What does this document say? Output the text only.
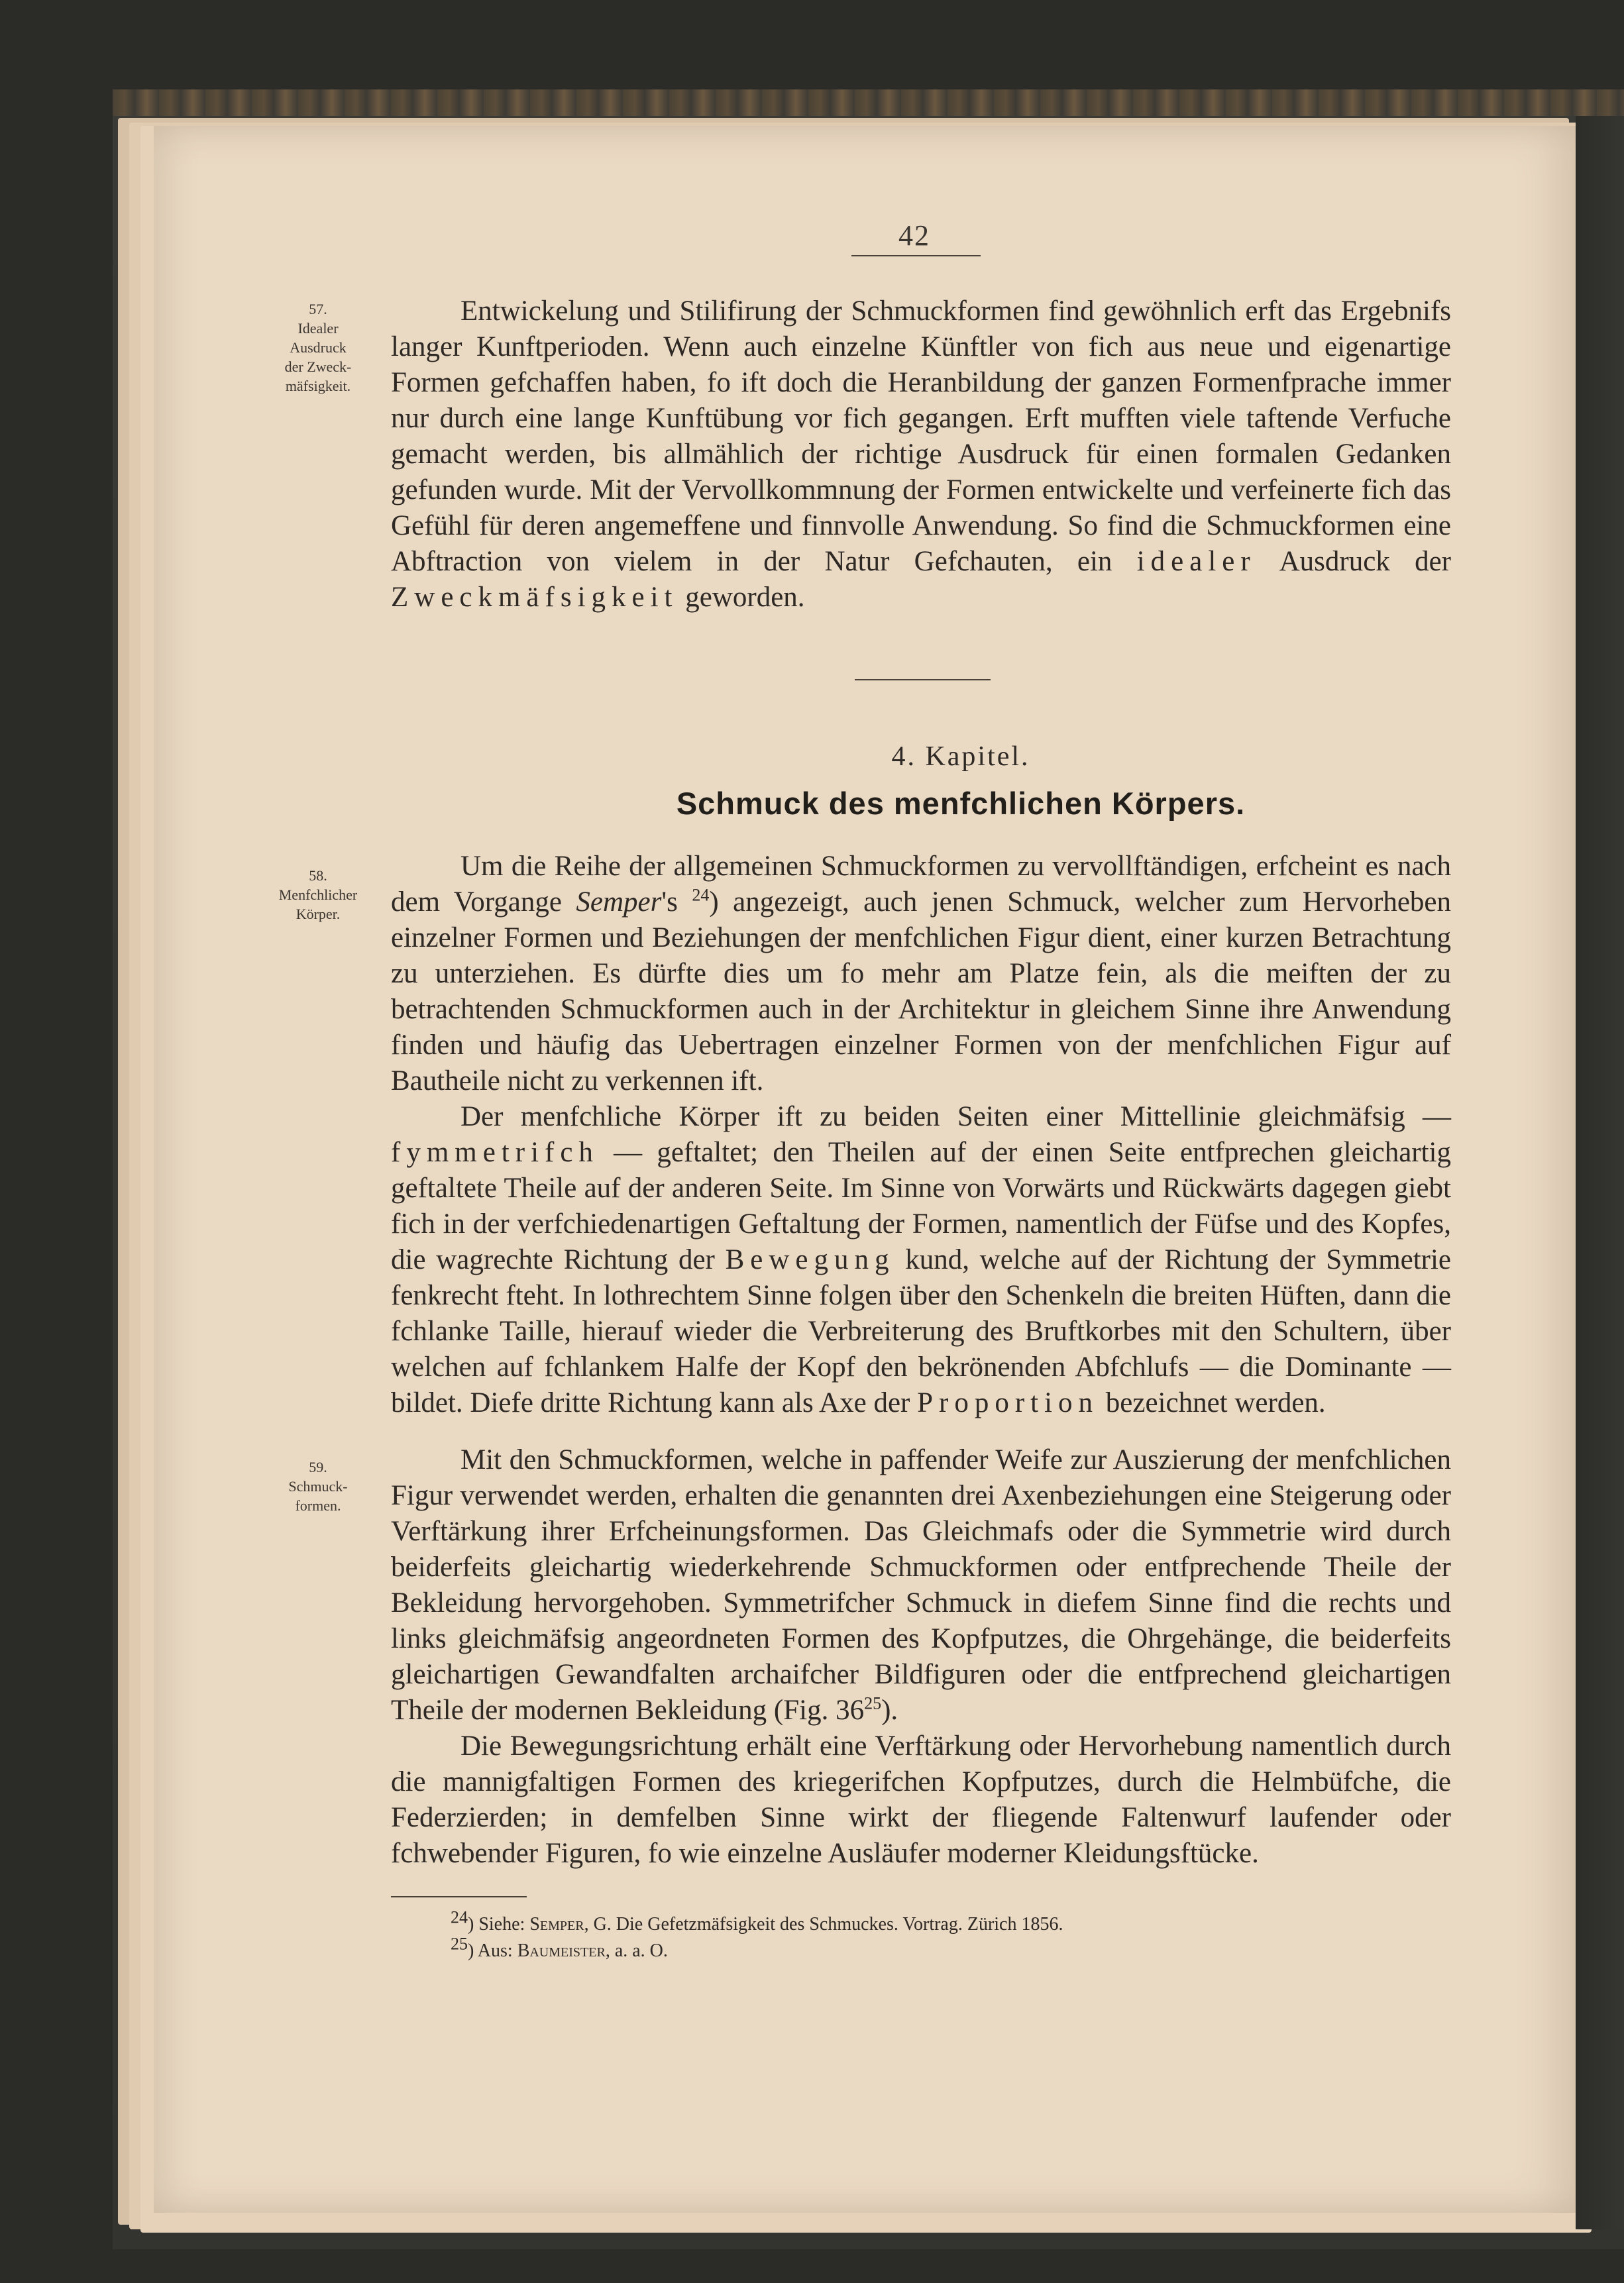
42
57.
Idealer
Ausdruck
der Zweck-
mäfsigkeit.

Entwickelung und Stilifirung der Schmuckformen find gewöhnlich erft das Ergebnifs langer Kunftperioden. Wenn auch einzelne Künftler von fich aus neue und eigenartige Formen gefchaffen haben, fo ift doch die Heranbildung der ganzen Formenfprache immer nur durch eine lange Kunftübung vor fich gegangen. Erft mufften viele taftende Verfuche gemacht werden, bis allmählich der richtige Ausdruck für einen formalen Gedanken gefunden wurde. Mit der Vervollkommnung der Formen entwickelte und verfeinerte fich das Gefühl für deren angemeffene und finnvolle Anwendung. So find die Schmuckformen eine Abftraction von vielem in der Natur Gefchauten, ein idealer Ausdruck der Zweckmäfsigkeit geworden.

4. Kapitel.
Schmuck des menfchlichen Körpers.
58.
Menfchlicher
Körper.

Um die Reihe der allgemeinen Schmuckformen zu vervollftändigen, erfcheint es nach dem Vorgange Semper's $^{24}$) angezeigt, auch jenen Schmuck, welcher zum Hervorheben einzelner Formen und Beziehungen der menfchlichen Figur dient, einer kurzen Betrachtung zu unterziehen. Es dürfte dies um fo mehr am Platze fein, als die meiften der zu betrachtenden Schmuckformen auch in der Architektur in gleichem Sinne ihre Anwendung finden und häufig das Uebertragen einzelner Formen von der menfchlichen Figur auf Bautheile nicht zu verkennen ift.

Der menfchliche Körper ift zu beiden Seiten einer Mittellinie gleichmäfsig — fymmetrifch — geftaltet; den Theilen auf der einen Seite entfprechen gleichartig geftaltete Theile auf der anderen Seite. Im Sinne von Vorwärts und Rückwärts dagegen giebt fich in der verfchiedenartigen Geftaltung der Formen, namentlich der Füfse und des Kopfes, die wagrechte Richtung der Bewegung kund, welche auf der Richtung der Symmetrie fenkrecht fteht. In lothrechtem Sinne folgen über den Schenkeln die breiten Hüften, dann die fchlanke Taille, hierauf wieder die Verbreiterung des Bruftkorbes mit den Schultern, über welchen auf fchlankem Halfe der Kopf den bekrönenden Abfchlufs — die Dominante — bildet. Diefe dritte Richtung kann als Axe der Proportion bezeichnet werden.

59.
Schmuck-
formen.

Mit den Schmuckformen, welche in paffender Weife zur Auszierung der menfchlichen Figur verwendet werden, erhalten die genannten drei Axenbeziehungen eine Steigerung oder Verftärkung ihrer Erfcheinungsformen. Das Gleichmafs oder die Symmetrie wird durch beiderfeits gleichartig wiederkehrende Schmuckformen oder entfprechende Theile der Bekleidung hervorgehoben. Symmetrifcher Schmuck in diefem Sinne find die rechts und links gleichmäfsig angeordneten Formen des Kopfputzes, die Ohrgehänge, die beiderfeits gleichartigen Gewandfalten archaifcher Bildfiguren oder die entfprechend gleichartigen Theile der modernen Bekleidung (Fig. $36^{25}$).

Die Bewegungsrichtung erhält eine Verftärkung oder Hervorhebung namentlich durch die mannigfaltigen Formen des kriegerifchen Kopfputzes, durch die Helmbüfche, die Federzierden; in demfelben Sinne wirkt der fliegende Faltenwurf laufender oder fchwebender Figuren, fo wie einzelne Ausläufer moderner Kleidungsftücke.

$^{24}$) Siehe: Semper, G. Die Gefetzmäfsigkeit des Schmuckes. Vortrag. Zürich 1856.
$^{25}$) Aus: Baumeister, a. a. O.
